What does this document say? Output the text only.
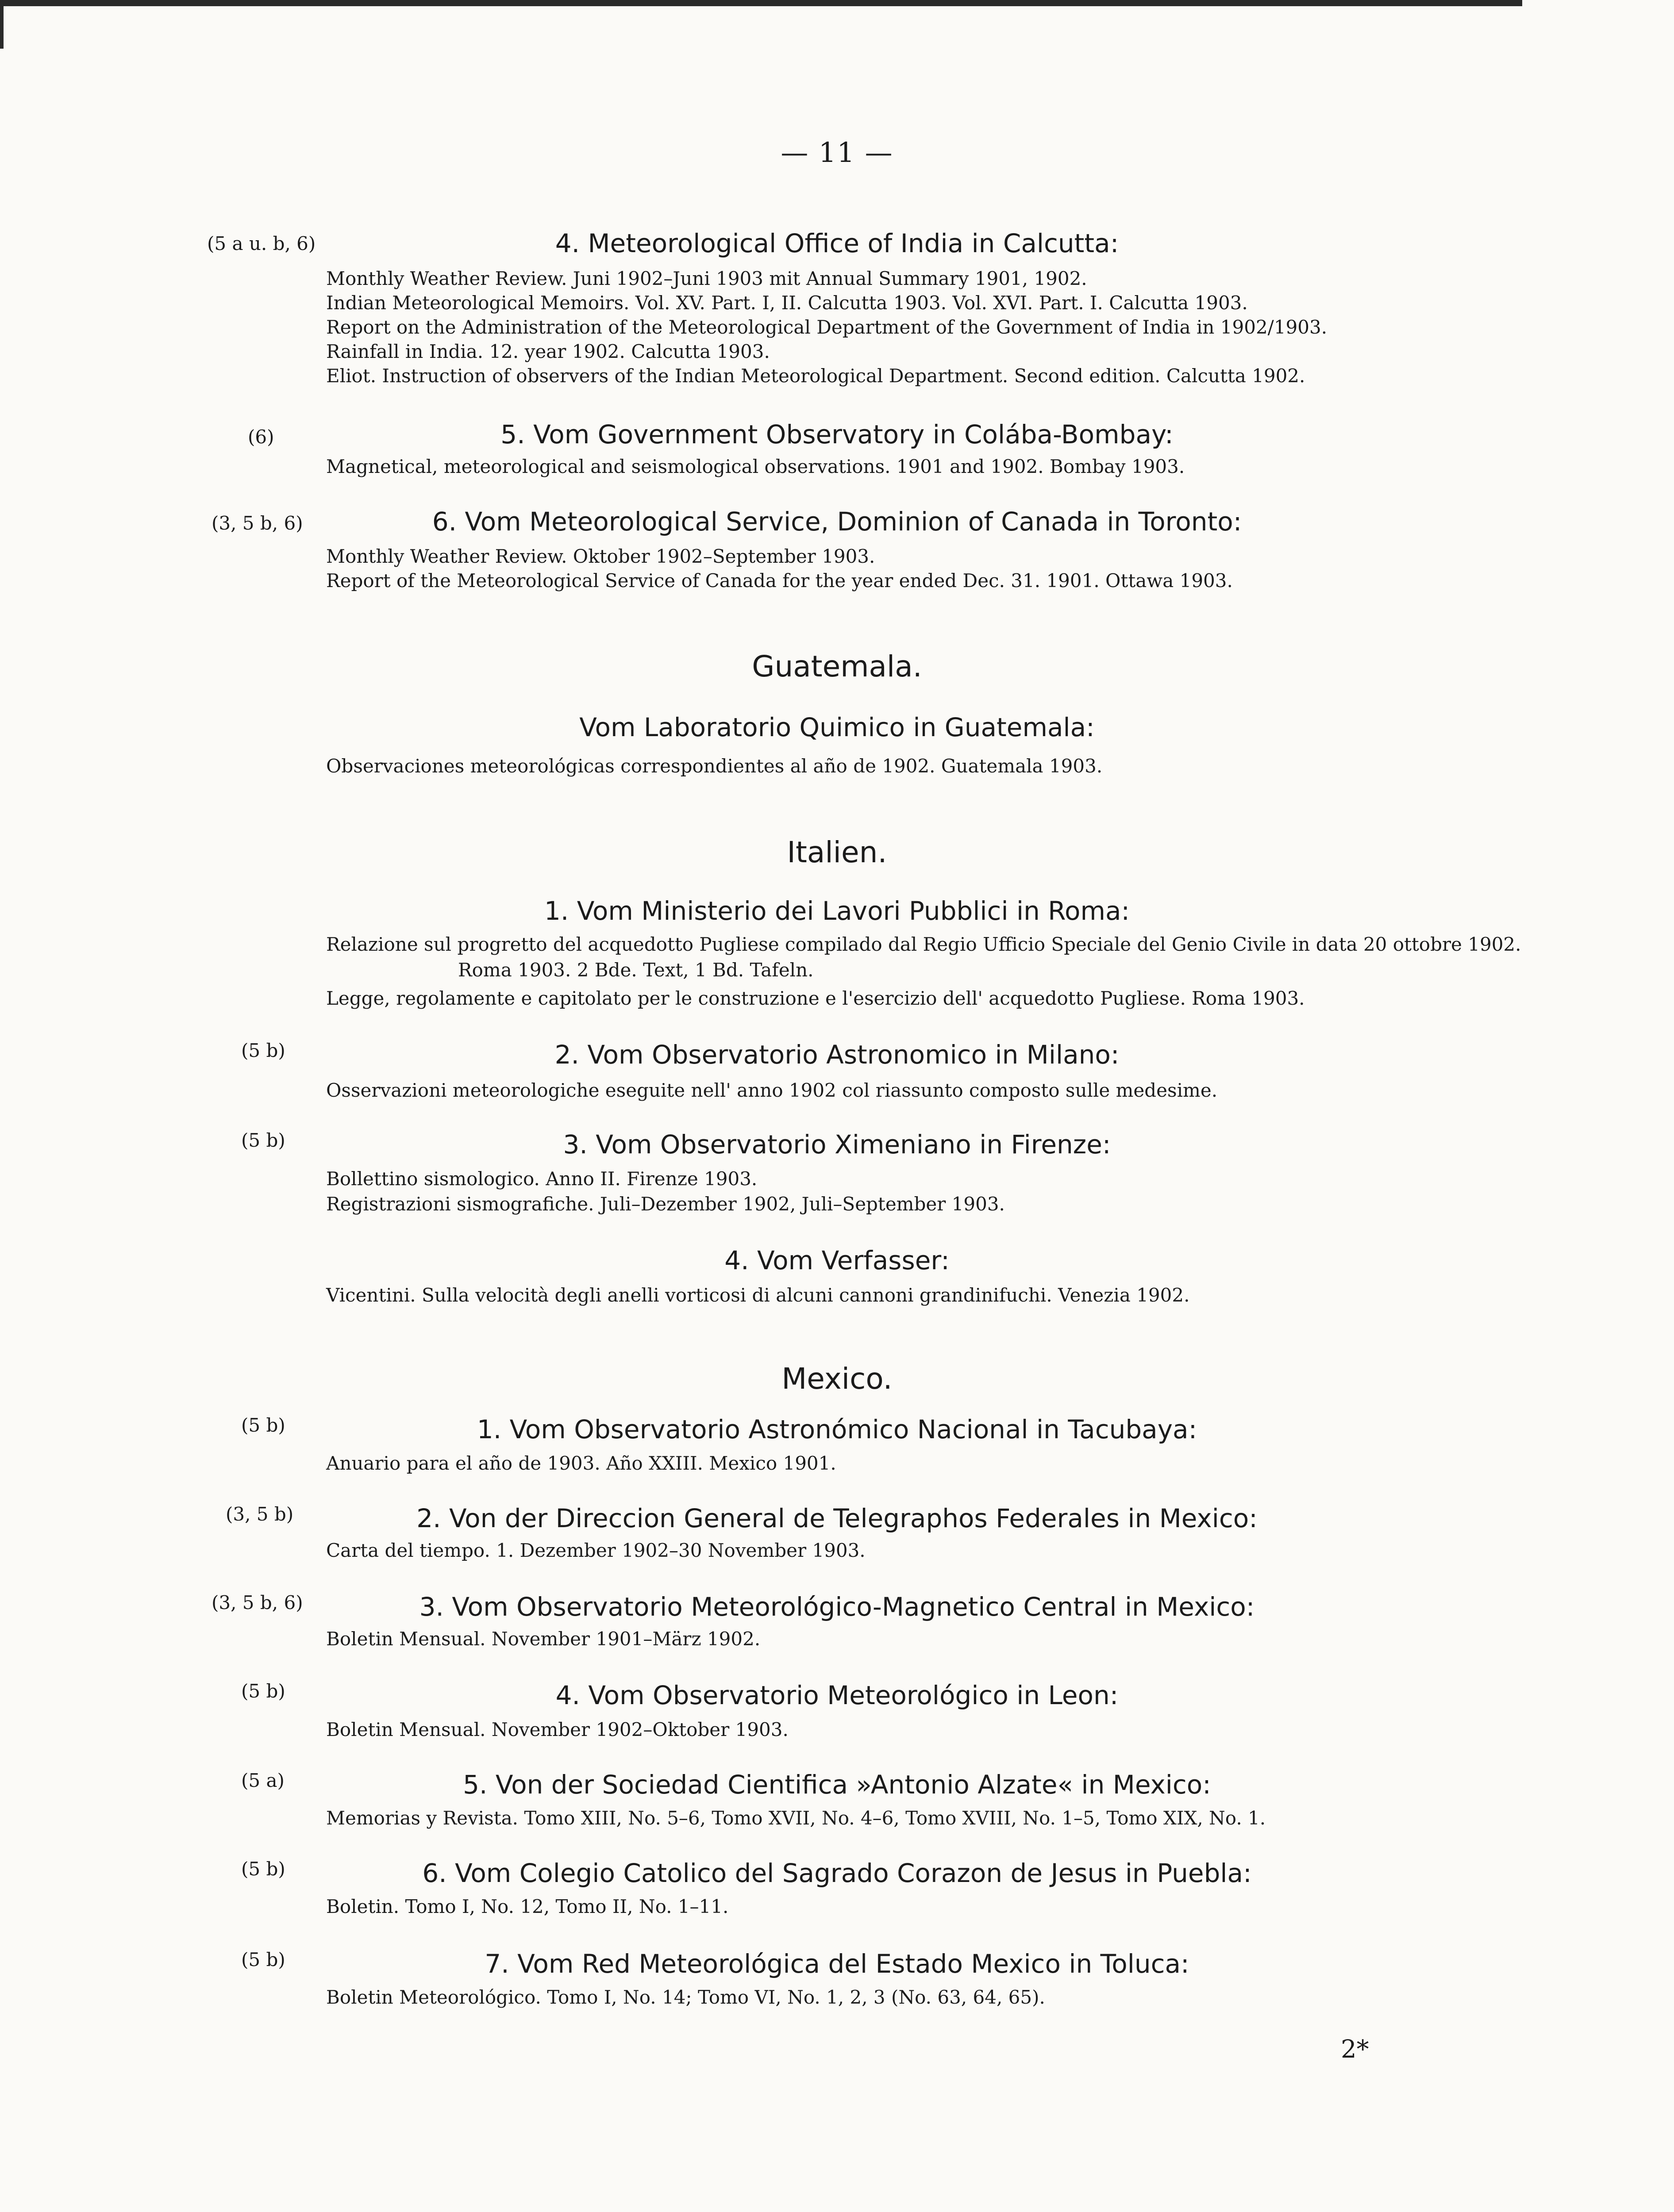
— 11 —
(5 a u. b, 6)	4. Meteorological Office of India in Calcutta:
Monthly Weather Review. Juni 1902–Juni 1903 mit Annual Summary 1901, 1902.
Indian Meteorological Memoirs. Vol. XV. Part. I, II. Calcutta 1903. Vol. XVI. Part. I. Calcutta 1903.
Report on the Administration of the Meteorological Department of the Government of India in 1902/1903.
Rainfall in India. 12. year 1902. Calcutta 1903.
Eliot. Instruction of observers of the Indian Meteorological Department. Second edition. Calcutta 1902.
(6)	5. Vom Government Observatory in Colába-Bombay:
Magnetical, meteorological and seismological observations. 1901 and 1902. Bombay 1903.
(3, 5 b, 6)	6. Vom Meteorological Service, Dominion of Canada in Toronto:
Monthly Weather Review. Oktober 1902–September 1903.
Report of the Meteorological Service of Canada for the year ended Dec. 31. 1901. Ottawa 1903.
Guatemala.
Vom Laboratorio Quimico in Guatemala:
Observaciones meteorológicas correspondientes al año de 1902. Guatemala 1903.
Italien.
1. Vom Ministerio dei Lavori Pubblici in Roma:
Relazione sul progretto del acquedotto Pugliese compilado dal Regio Ufficio Speciale del Genio Civile in data 20 ottobre 1902.
Roma 1903. 2 Bde. Text, 1 Bd. Tafeln.
Legge, regolamente e capitolato per le construzione e l'esercizio dell' acquedotto Pugliese. Roma 1903.
(5 b)	2. Vom Observatorio Astronomico in Milano:
Osservazioni meteorologiche eseguite nell' anno 1902 col riassunto composto sulle medesime.
(5 b)	3. Vom Observatorio Ximeniano in Firenze:
Bollettino sismologico. Anno II. Firenze 1903.
Registrazioni sismografiche. Juli–Dezember 1902, Juli–September 1903.
4. Vom Verfasser:
Vicentini. Sulla velocità degli anelli vorticosi di alcuni cannoni grandinifuchi. Venezia 1902.
Mexico.
(5 b)	1. Vom Observatorio Astronómico Nacional in Tacubaya:
Anuario para el año de 1903. Año XXIII. Mexico 1901.
(3, 5 b)	2. Von der Direccion General de Telegraphos Federales in Mexico:
Carta del tiempo. 1. Dezember 1902–30 November 1903.
(3, 5 b, 6)	3. Vom Observatorio Meteorológico-Magnetico Central in Mexico:
Boletin Mensual. November 1901–März 1902.
(5 b)	4. Vom Observatorio Meteorológico in Leon:
Boletin Mensual. November 1902–Oktober 1903.
(5 a)	5. Von der Sociedad Cientifica »Antonio Alzate« in Mexico:
Memorias y Revista. Tomo XIII, No. 5–6, Tomo XVII, No. 4–6, Tomo XVIII, No. 1–5, Tomo XIX, No. 1.
(5 b)	6. Vom Colegio Catolico del Sagrado Corazon de Jesus in Puebla:
Boletin. Tomo I, No. 12, Tomo II, No. 1–11.
(5 b)	7. Vom Red Meteorológica del Estado Mexico in Toluca:
Boletin Meteorológico. Tomo I, No. 14; Tomo VI, No. 1, 2, 3 (No. 63, 64, 65).
2*
